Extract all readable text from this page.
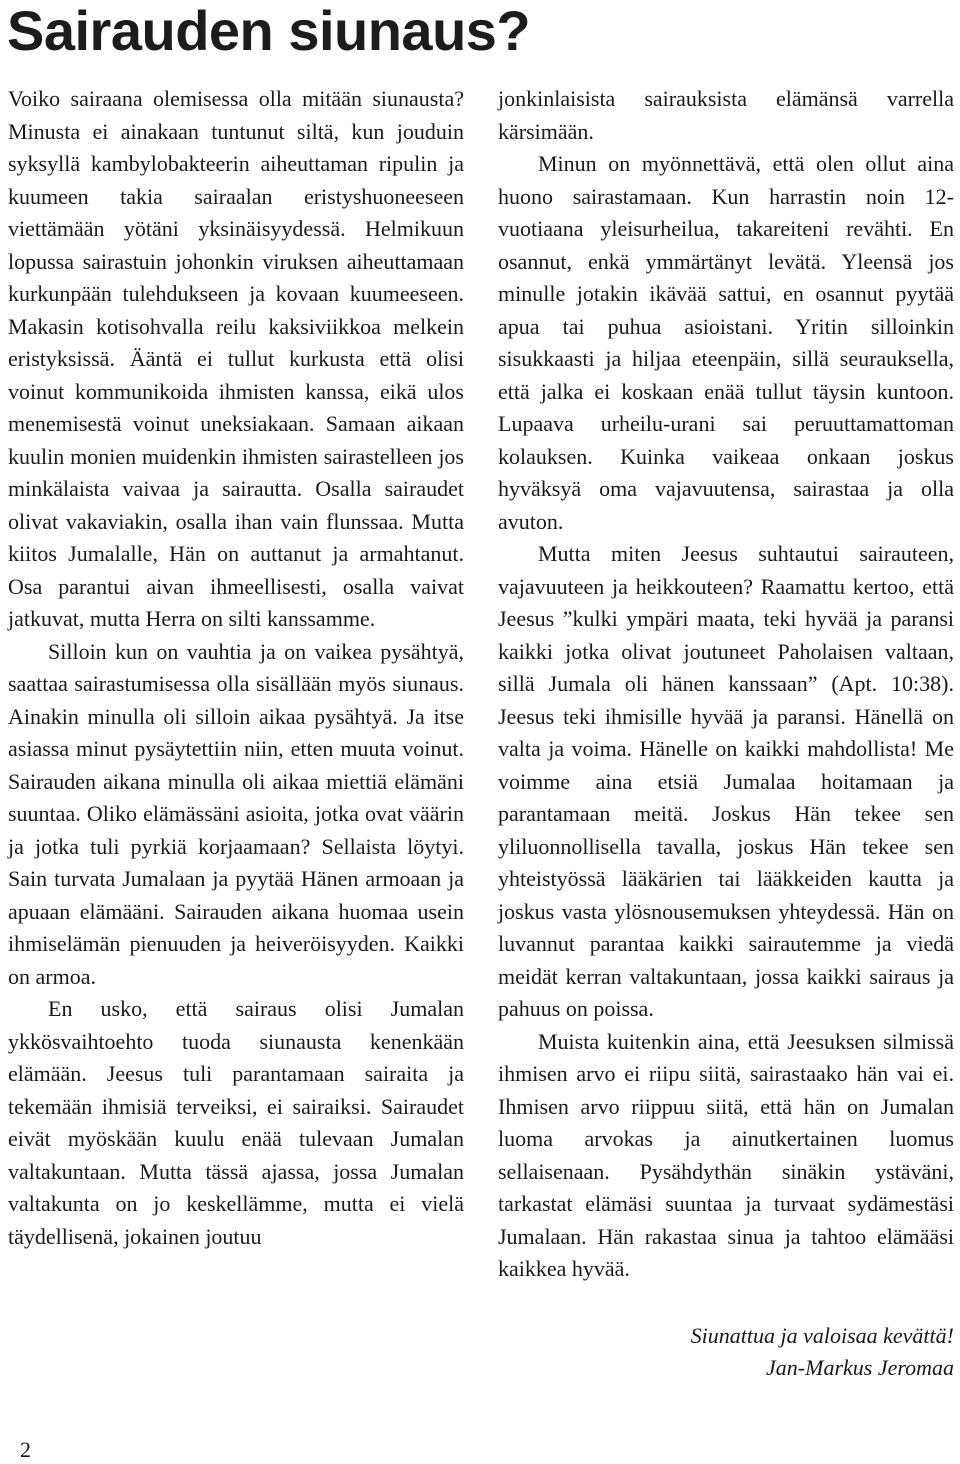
Sairauden siunaus?

Voiko sairaana olemisessa olla mitään siunausta? Minusta ei ainakaan tuntunut siltä, kun jouduin syksyllä kambylobakteerin aiheuttaman ripulin ja kuumeen takia sairaalan eristyshuoneeseen viettämään yötäni yksinäisyydessä. Helmikuun lopussa sairastuin johonkin viruksen aiheuttamaan kurkunpään tulehdukseen ja kovaan kuumeeseen. Makasin kotisohvalla reilu kaksiviikkoa melkein eristyksissä. Ääntä ei tullut kurkusta että olisi voinut kommunikoida ihmisten kanssa, eikä ulos menemisestä voinut uneksiakaan. Samaan aikaan kuulin monien muidenkin ihmisten sairastelleen jos minkälaista vaivaa ja sairautta. Osalla sairaudet olivat vakaviakin, osalla ihan vain flunssaa. Mutta kiitos Jumalalle, Hän on auttanut ja armahtanut. Osa parantui aivan ihmeellisesti, osalla vaivat jatkuvat, mutta Herra on silti kanssamme.

Silloin kun on vauhtia ja on vaikea pysähtyä, saattaa sairastumisessa olla sisällään myös siunaus. Ainakin minulla oli silloin aikaa pysähtyä. Ja itse asiassa minut pysäytettiin niin, etten muuta voinut. Sairauden aikana minulla oli aikaa miettiä elämäni suuntaa. Oliko elämässäni asioita, jotka ovat väärin ja jotka tuli pyrkiä korjaamaan? Sellaista löytyi. Sain turvata Jumalaan ja pyytää Hänen armoaan ja apuaan elämääni. Sairauden aikana huomaa usein ihmiselämän pienuuden ja heiveröisyyden. Kaikki on armoa.

En usko, että sairaus olisi Jumalan ykkösvaihtoehto tuoda siunausta kenenkään elämään. Jeesus tuli parantamaan sairaita ja tekemään ihmisiä terveiksi, ei sairaiksi. Sairaudet eivät myöskään kuulu enää tulevaan Jumalan valtakuntaan. Mutta tässä ajassa, jossa Jumalan valtakunta on jo keskellämme, mutta ei vielä täydellisenä, jokainen joutuu

jonkinlaisista sairauksista elämänsä varrella kärsimään.

Minun on myönnettävä, että olen ollut aina huono sairastamaan. Kun harrastin noin 12-vuotiaana yleisurheilua, takareiteni revähti. En osannut, enkä ymmärtänyt levätä. Yleensä jos minulle jotakin ikävää sattui, en osannut pyytää apua tai puhua asioistani. Yritin silloinkin sisukkaasti ja hiljaa eteenpäin, sillä seurauksella, että jalka ei koskaan enää tullut täysin kuntoon. Lupaava urheilu-urani sai peruuttamattoman kolauksen. Kuinka vaikeaa onkaan joskus hyväksyä oma vajavuutensa, sairastaa ja olla avuton.

Mutta miten Jeesus suhtautui sairauteen, vajavuuteen ja heikkouteen? Raamattu kertoo, että Jeesus ”kulki ympäri maata, teki hyvää ja paransi kaikki jotka olivat joutuneet Paholaisen valtaan, sillä Jumala oli hänen kanssaan” (Apt. 10:38). Jeesus teki ihmisille hyvää ja paransi. Hänellä on valta ja voima. Hänelle on kaikki mahdollista! Me voimme aina etsiä Jumalaa hoitamaan ja parantamaan meitä. Joskus Hän tekee sen yliluonnollisella tavalla, joskus Hän tekee sen yhteistyössä lääkärien tai lääkkeiden kautta ja joskus vasta ylösnousemuksen yhteydessä. Hän on luvannut parantaa kaikki sairautemme ja viedä meidät kerran valtakuntaan, jossa kaikki sairaus ja pahuus on poissa.

Muista kuitenkin aina, että Jeesuksen silmissä ihmisen arvo ei riipu siitä, sairastaako hän vai ei. Ihmisen arvo riippuu siitä, että hän on Jumalan luoma arvokas ja ainutkertainen luomus sellaisenaan. Pysähdythän sinäkin ystäväni, tarkastat elämäsi suuntaa ja turvaat sydämestäsi Jumalaan. Hän rakastaa sinua ja tahtoo elämääsi kaikkea hyvää.

Siunattua ja valoisaa kevättä!
Jan-Markus Jeromaa
2
